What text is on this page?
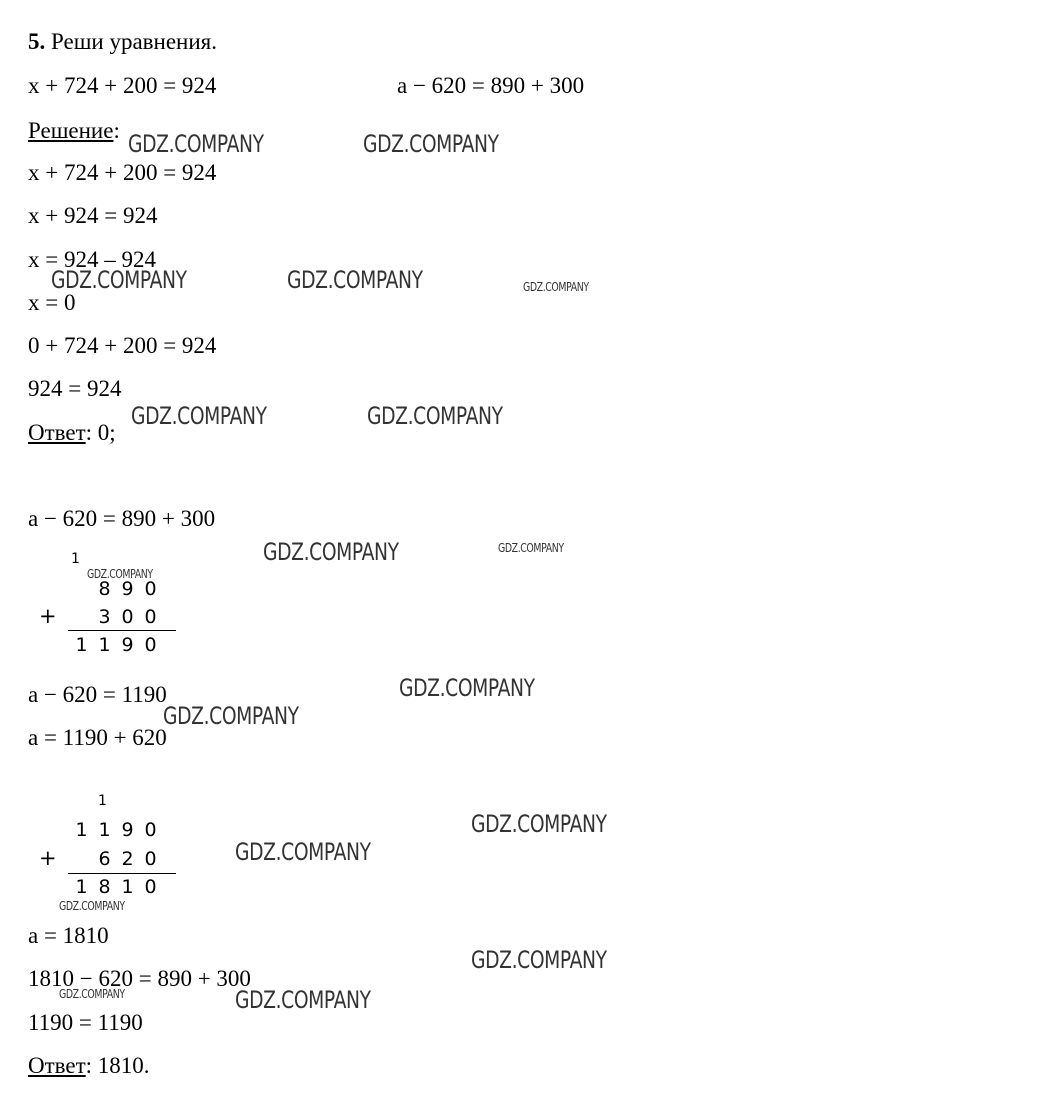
5. Реши уравнения.
x + 724 + 200 = 924	a − 620 = 890 + 300
Решение:
x + 724 + 200 = 924
x + 924 = 924
x = 924 – 924
x = 0
0 + 724 + 200 = 924
924 = 924
Ответ: 0;
a − 620 = 890 + 300
1
8 9 0
+ 3 0 0
1 1 9 0
a − 620 = 1190
a = 1190 + 620
1
1 1 9 0
+ 6 2 0
1 8 1 0
a = 1810
1810 − 620 = 890 + 300
1190 = 1190
Ответ: 1810.
GDZ.COMPANY	GDZ.COMPANY
GDZ.COMPANY	GDZ.COMPANY	GDZ.COMPANY
GDZ.COMPANY	GDZ.COMPANY
GDZ.COMPANY	GDZ.COMPANY
GDZ.COMPANY
GDZ.COMPANY
GDZ.COMPANY
GDZ.COMPANY
GDZ.COMPANY
GDZ.COMPANY
GDZ.COMPANY
GDZ.COMPANY	GDZ.COMPANY
